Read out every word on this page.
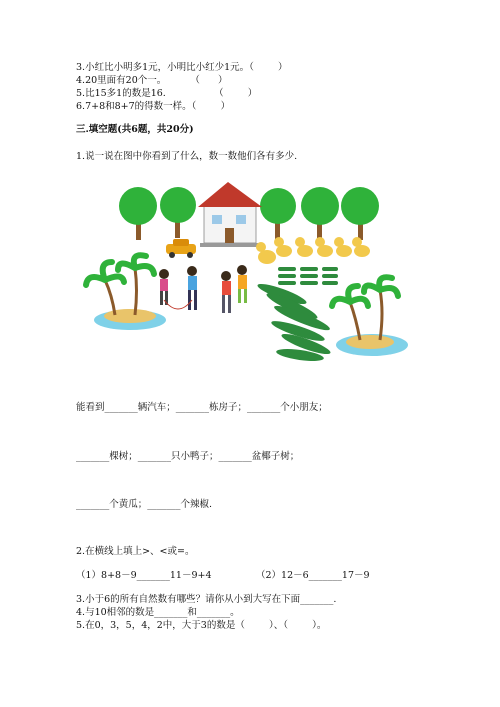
3.小红比小明多1元，小明比小红少1元。（        ）
4.20里面有20个一。        （      ）
5.比15多1的数是16.                （        ）
6.7+8和8+7的得数一样。（        ）
三.填空题(共6题，共20分)
1.说一说在图中你看到了什么，数一数他们各有多少.
能看到_______辆汽车；_______栋房子；_______个小朋友；
_______棵树；_______只小鸭子；_______盆椰子树；
_______个黄瓜；_______个辣椒.
2.在横线上填上>、<或=。
（1）8+8－9_______11－9+4	（2）12－6_______17－9
3.小于6的所有自然数有哪些？请你从小到大写在下面_______.
4.与10相邻的数是_______和_______。
5.在0，3，5，4，2中，大于3的数是（        ）、（        ）。
